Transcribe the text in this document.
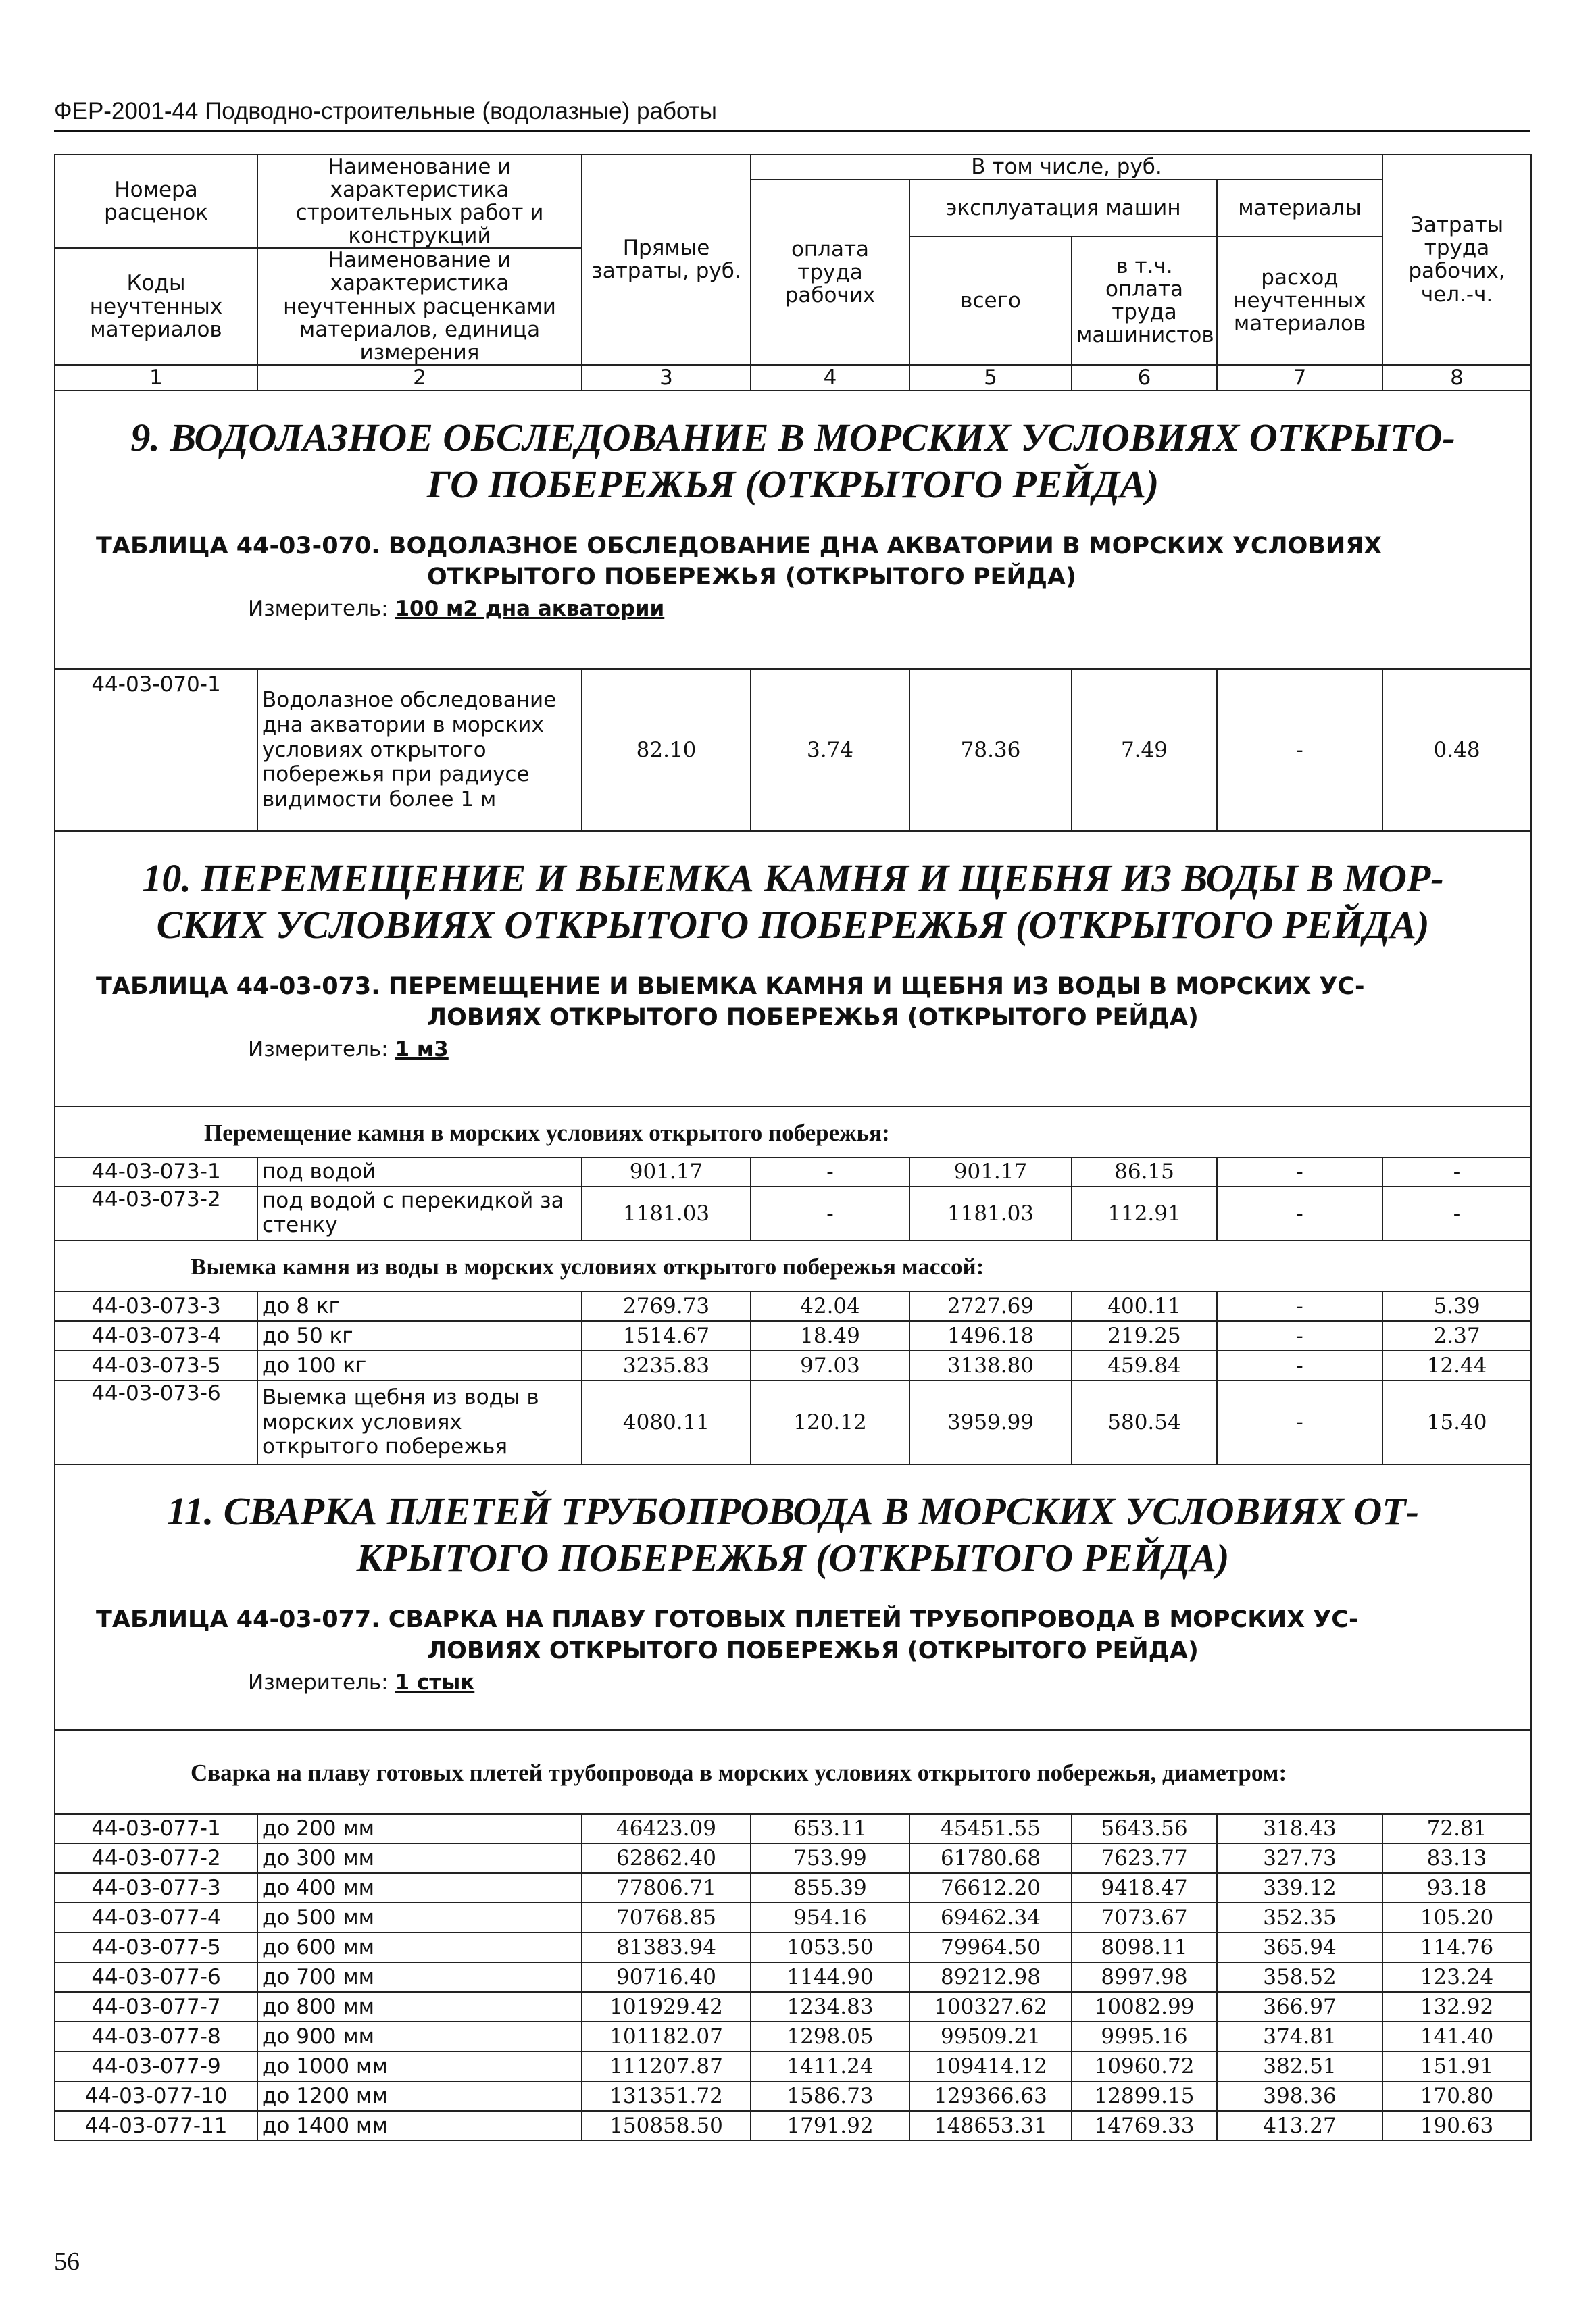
ФЕР-2001-44 Подводно-строительные (водолазные) работы
Номера расценок	Наименование и характеристика строительных работ и конструкций	Прямые затраты, руб.	В том числе, руб.				Затраты труда рабочих, чел.-ч.
			оплата труда рабочих	эксплуатация машин		материалы	
				всего	в т.ч. оплата труда машинистов	расход неучтенных материалов	
Коды неучтенных материалов	Наименование и характеристика неучтенных расценками материалов, единица измерения						

1	2	3	4	5	6	7	8

9. ВОДОЛАЗНОЕ ОБСЛЕДОВАНИЕ В МОРСКИХ УСЛОВИЯХ ОТКРЫТО-
ГО ПОБЕРЕЖЬЯ (ОТКРЫТОГО РЕЙДА)
ТАБЛИЦА 44-03-070. ВОДОЛАЗНОЕ ОБСЛЕДОВАНИЕ ДНА АКВАТОРИИ В МОРСКИХ УСЛОВИЯХ
ОТКРЫТОГО ПОБЕРЕЖЬЯ (ОТКРЫТОГО РЕЙДА)
Измеритель: 100 м2 дна акватории							

44-03-070-1	Водолазное обследование дна акватории в морских условиях открытого побережья при радиусе видимости более 1 м	82.10	3.74	78.36	7.49	-	0.48

10. ПЕРЕМЕЩЕНИЕ И ВЫЕМКА КАМНЯ И ЩЕБНЯ ИЗ ВОДЫ В МОР-
СКИХ УСЛОВИЯХ ОТКРЫТОГО ПОБЕРЕЖЬЯ (ОТКРЫТОГО РЕЙДА)
ТАБЛИЦА 44-03-073. ПЕРЕМЕЩЕНИЕ И ВЫЕМКА КАМНЯ И ЩЕБНЯ ИЗ ВОДЫ В МОРСКИХ УС-
ЛОВИЯХ ОТКРЫТОГО ПОБЕРЕЖЬЯ (ОТКРЫТОГО РЕЙДА)
Измеритель: 1 м3							

Перемещение камня в морских условиях открытого побережья:							
44-03-073-1	под водой	901.17	-	901.17	86.15	-	-
44-03-073-2	под водой с перекидкой за стенку	1181.03	-	1181.03	112.91	-	-
Выемка камня из воды в морских условиях открытого побережья массой:							
44-03-073-3	до 8 кг	2769.73	42.04	2727.69	400.11	-	5.39
44-03-073-4	до 50 кг	1514.67	18.49	1496.18	219.25	-	2.37
44-03-073-5	до 100 кг	3235.83	97.03	3138.80	459.84	-	12.44
44-03-073-6	Выемка щебня из воды в морских условиях открытого побережья	4080.11	120.12	3959.99	580.54	-	15.40

11. СВАРКА ПЛЕТЕЙ ТРУБОПРОВОДА В МОРСКИХ УСЛОВИЯХ ОТ-
КРЫТОГО ПОБЕРЕЖЬЯ (ОТКРЫТОГО РЕЙДА)
ТАБЛИЦА 44-03-077. СВАРКА НА ПЛАВУ ГОТОВЫХ ПЛЕТЕЙ ТРУБОПРОВОДА В МОРСКИХ УС-
ЛОВИЯХ ОТКРЫТОГО ПОБЕРЕЖЬЯ (ОТКРЫТОГО РЕЙДА)
Измеритель: 1 стык							

Сварка на плаву готовых плетей трубопровода в морских условиях открытого побережья, диаметром:							
44-03-077-1	до 200 мм	46423.09	653.11	45451.55	5643.56	318.43	72.81
44-03-077-2	до 300 мм	62862.40	753.99	61780.68	7623.77	327.73	83.13
44-03-077-3	до 400 мм	77806.71	855.39	76612.20	9418.47	339.12	93.18
44-03-077-4	до 500 мм	70768.85	954.16	69462.34	7073.67	352.35	105.20
44-03-077-5	до 600 мм	81383.94	1053.50	79964.50	8098.11	365.94	114.76
44-03-077-6	до 700 мм	90716.40	1144.90	89212.98	8997.98	358.52	123.24
44-03-077-7	до 800 мм	101929.42	1234.83	100327.62	10082.99	366.97	132.92
44-03-077-8	до 900 мм	101182.07	1298.05	99509.21	9995.16	374.81	141.40
44-03-077-9	до 1000 мм	111207.87	1411.24	109414.12	10960.72	382.51	151.91
44-03-077-10	до 1200 мм	131351.72	1586.73	129366.63	12899.15	398.36	170.80
44-03-077-11	до 1400 мм	150858.50	1791.92	148653.31	14769.33	413.27	190.63
56
